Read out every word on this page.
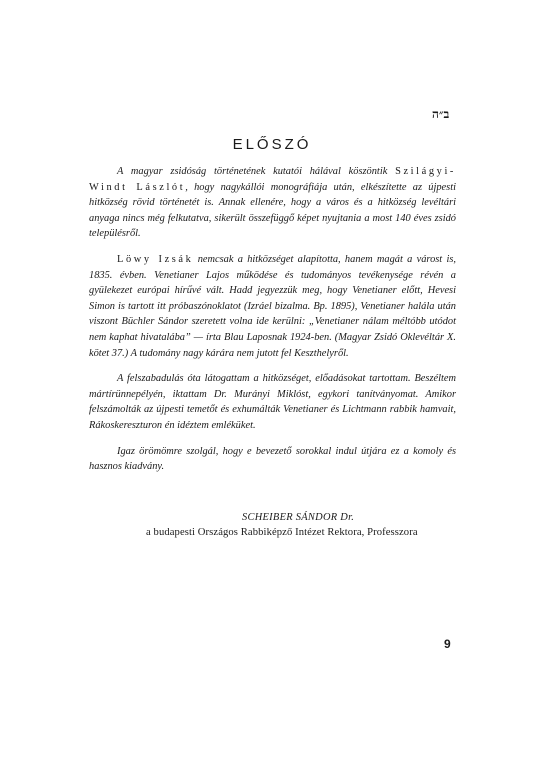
ב״ה
ELŐSZÓ

A magyar zsidóság történetének kutatói hálával köszöntik Szilágyi-Windt Lászlót, hogy nagykállói monográfiája után, elkészítette az újpesti hitközség rövid történetét is. Annak ellenére, hogy a város és a hitközség levéltári anyaga nincs még felkutatva, sikerült összefüggő képet nyujtania a most 140 éves zsidó településről.

Löwy Izsák nemcsak a hitközséget alapította, hanem magát a várost is, 1835. évben. Venetianer Lajos működése és tudományos tevékenysége révén a gyülekezet európai hírűvé vált. Hadd jegyezzük meg, hogy Venetianer előtt, Hevesi Simon is tartott itt próbaszónoklatot (Izráel bizalma. Bp. 1895), Venetianer halála után viszont Büchler Sándor szeretett volna ide kerülni: „Venetianer nálam méltóbb utódot nem kaphat hivatalába” — írta Blau Laposnak 1924-ben. (Magyar Zsidó Oklevéltár X. kötet 37.) A tudomány nagy kárára nem jutott fel Keszthelyről.

A felszabadulás óta látogattam a hitközséget, előadásokat tartottam. Beszéltem mártírünnepélyén, iktattam Dr. Murányi Miklóst, egykori tanítványomat. Amikor felszámolták az újpesti temetőt és exhumálták Venetianer és Lichtmann rabbik hamvait, Rákoskereszturon én idéztem emléküket.

Igaz örömömre szolgál, hogy e bevezető sorokkal indul útjára ez a komoly és hasznos kiadvány.

SCHEIBER SÁNDOR Dr.
a budapesti Országos Rabbiképző Intézet Rektora, Professzora
9
